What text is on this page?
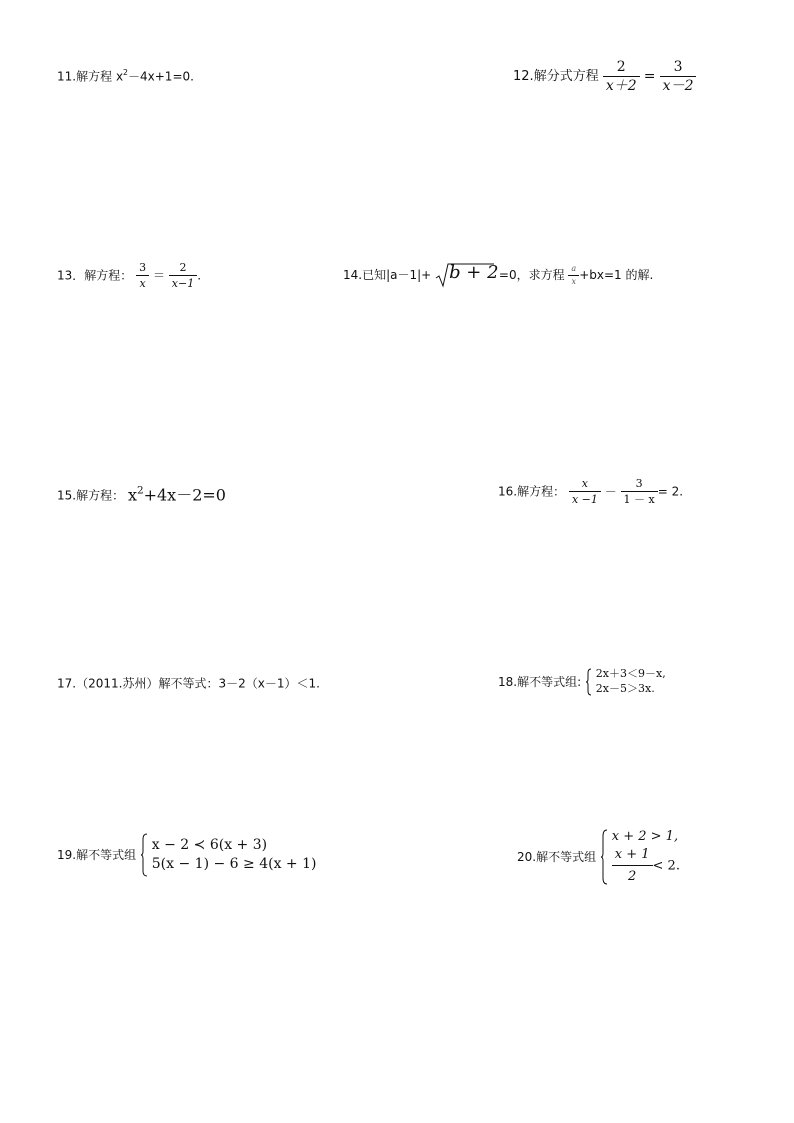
11.解方程 $x^2-4x+1=0$.	12.解分式方程 $\frac{2}{x+2} = \frac{3}{x-2}$
13．解方程： $\frac{3}{x} = \frac{2}{x-1}$ .	14.已知|a－1|+ b + 2 =0，求方程 $\frac{a}{x} +bx=1$ 的解.
15.解方程： $x^2+4x-2=0$	16.解方程： $\frac{x}{x -1} - \frac{3}{1 - x} = 2$.
17.（2011.苏州）解不等式：3－2（x－1）＜1.	18.解不等式组:
2x＋3＜9－x,
2x－5＞3x.
19.解不等式组
x − 2 ≺ 6(x + 3)
5(x − 1) − 6 ≥ 4(x + 1)	20.解不等式组
x + 2 > 1,
$\frac{x + 1}{2} < 2$.
